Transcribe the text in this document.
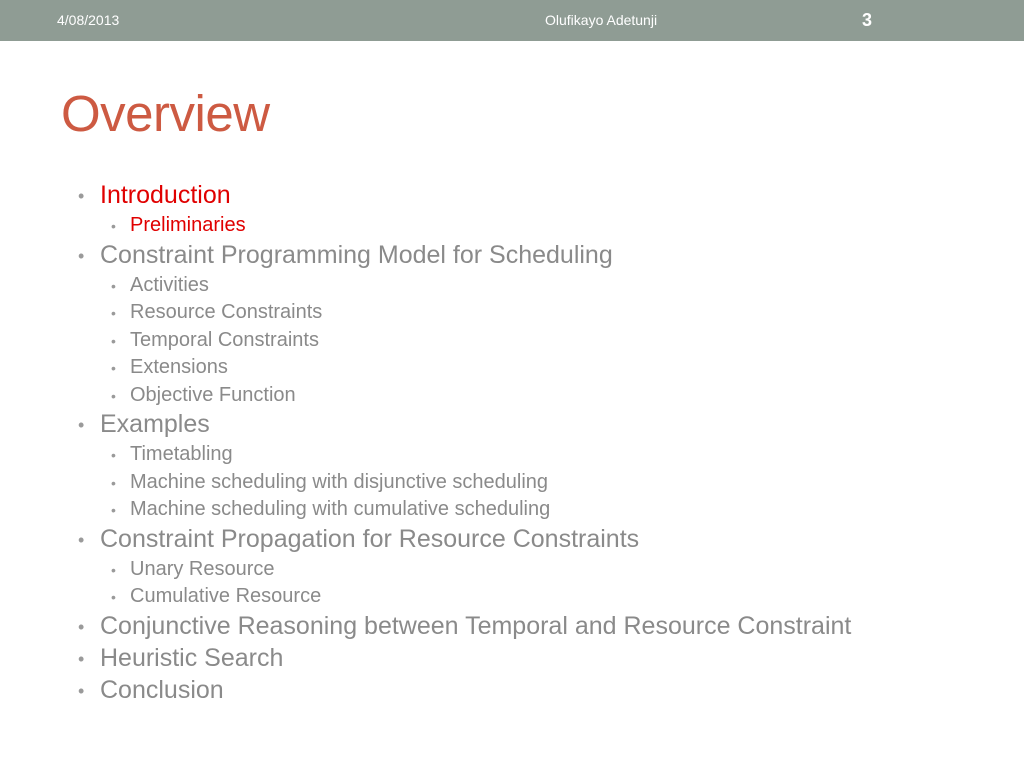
4/08/2013	Olufikayo Adetunji	3
Overview
• Introduction
• Preliminaries
• Constraint Programming Model for Scheduling
• Activities
• Resource Constraints
• Temporal Constraints
• Extensions
• Objective Function
• Examples
• Timetabling
• Machine scheduling with disjunctive scheduling
• Machine scheduling with cumulative scheduling
• Constraint Propagation for Resource Constraints
• Unary Resource
• Cumulative Resource
• Conjunctive Reasoning between Temporal and Resource Constraint
• Heuristic Search
• Conclusion
